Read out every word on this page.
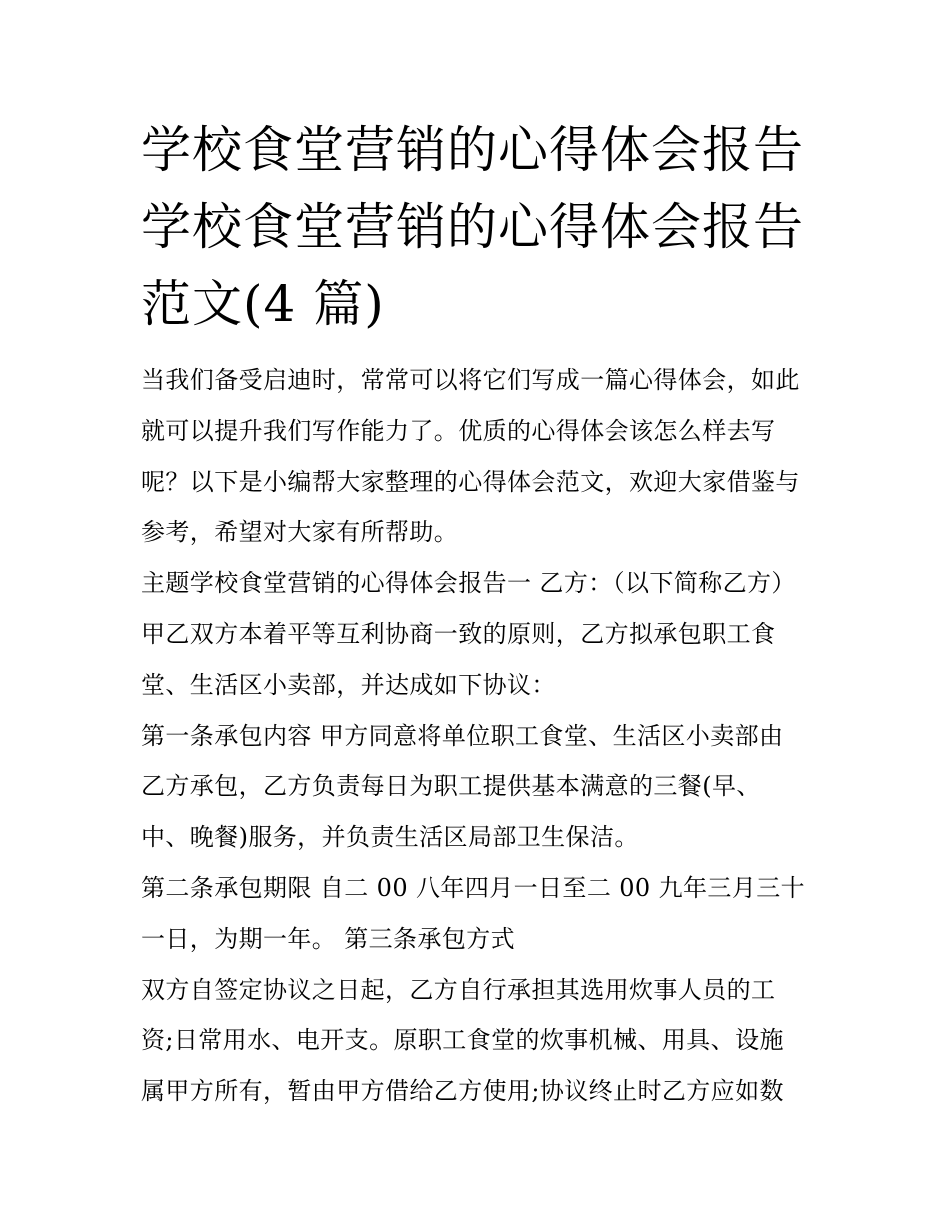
学校食堂营销的心得体会报告
学校食堂营销的心得体会报告
范文(4 篇)
当我们备受启迪时，常常可以将它们写成一篇心得体会，如此
就可以提升我们写作能力了。优质的心得体会该怎么样去写
呢？以下是小编帮大家整理的心得体会范文，欢迎大家借鉴与
参考，希望对大家有所帮助。
主题学校食堂营销的心得体会报告一 乙方：（以下简称乙方）
甲乙双方本着平等互利协商一致的原则，乙方拟承包职工食
堂、生活区小卖部，并达成如下协议：
第一条承包内容 甲方同意将单位职工食堂、生活区小卖部由
乙方承包，乙方负责每日为职工提供基本满意的三餐(早、
中、晚餐)服务，并负责生活区局部卫生保洁。
第二条承包期限 自二 00 八年四月一日至二 00 九年三月三十
一日，为期一年。 第三条承包方式
双方自签定协议之日起，乙方自行承担其选用炊事人员的工
资;日常用水、电开支。原职工食堂的炊事机械、用具、设施
属甲方所有，暂由甲方借给乙方使用;协议终止时乙方应如数
